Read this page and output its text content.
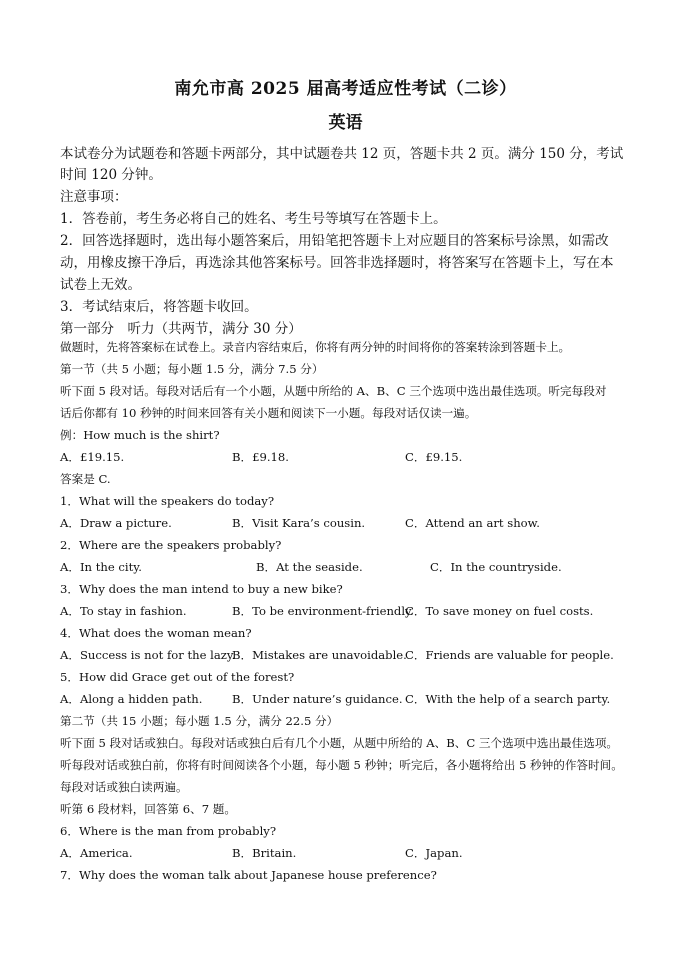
南允市高 2025 届高考适应性考试（二诊）
英语
本试卷分为试题卷和答题卡两部分，其中试题卷共 12 页，答题卡共 2 页。满分 150 分，考试
时间 120 分钟。
注意事项：
1．答卷前，考生务必将自己的姓名、考生号等填写在答题卡上。
2．回答选择题时，选出每小题答案后，用铅笔把答题卡上对应题目的答案标号涂黑，如需改
动，用橡皮擦干净后，再选涂其他答案标号。回答非选择题时，将答案写在答题卡上，写在本
试卷上无效。
3．考试结束后，将答题卡收回。
第一部分　听力（共两节，满分 30 分）
做题时，先将答案标在试卷上。录音内容结束后，你将有两分钟的时间将你的答案转涂到答题卡上。
第一节（共 5 小题；每小题 1.5 分，满分 7.5 分）
听下面 5 段对话。每段对话后有一个小题，从题中所给的 A、B、C 三个选项中选出最佳选项。听完每段对
话后你都有 10 秒钟的时间来回答有关小题和阅读下一小题。每段对话仅读一遍。
例：How much is the shirt?
A．£19.15.	B．£9.18.	C．£9.15.
答案是 C.
1．What will the speakers do today?
A．Draw a picture.	B．Visit Kara’s cousin.	C．Attend an art show.
2．Where are the speakers probably?
A．In the city.	B．At the seaside.	C．In the countryside.
3．Why does the man intend to buy a new bike?
A．To stay in fashion.	B．To be environment-friendly.
C．To save money on fuel costs.
4．What does the woman mean?
A．Success is not for the lazy.
B．Mistakes are unavoidable.
C．Friends are valuable for people.
5．How did Grace get out of the forest?
A．Along a hidden path.	B．Under nature’s guidance. C．With the help of a search party.
第二节（共 15 小题；每小题 1.5 分，满分 22.5 分）
听下面 5 段对话或独白。每段对话或独白后有几个小题，从题中所给的 A、B、C 三个选项中选出最佳选项。
听每段对话或独白前，你将有时间阅读各个小题，每小题 5 秒钟；听完后，各小题将给出 5 秒钟的作答时间。
每段对话或独白读两遍。
听第 6 段材料，回答第 6、7 题。
6．Where is the man from probably?
A．America.	B．Britain.	C．Japan.
7．Why does the woman talk about Japanese house preference?
